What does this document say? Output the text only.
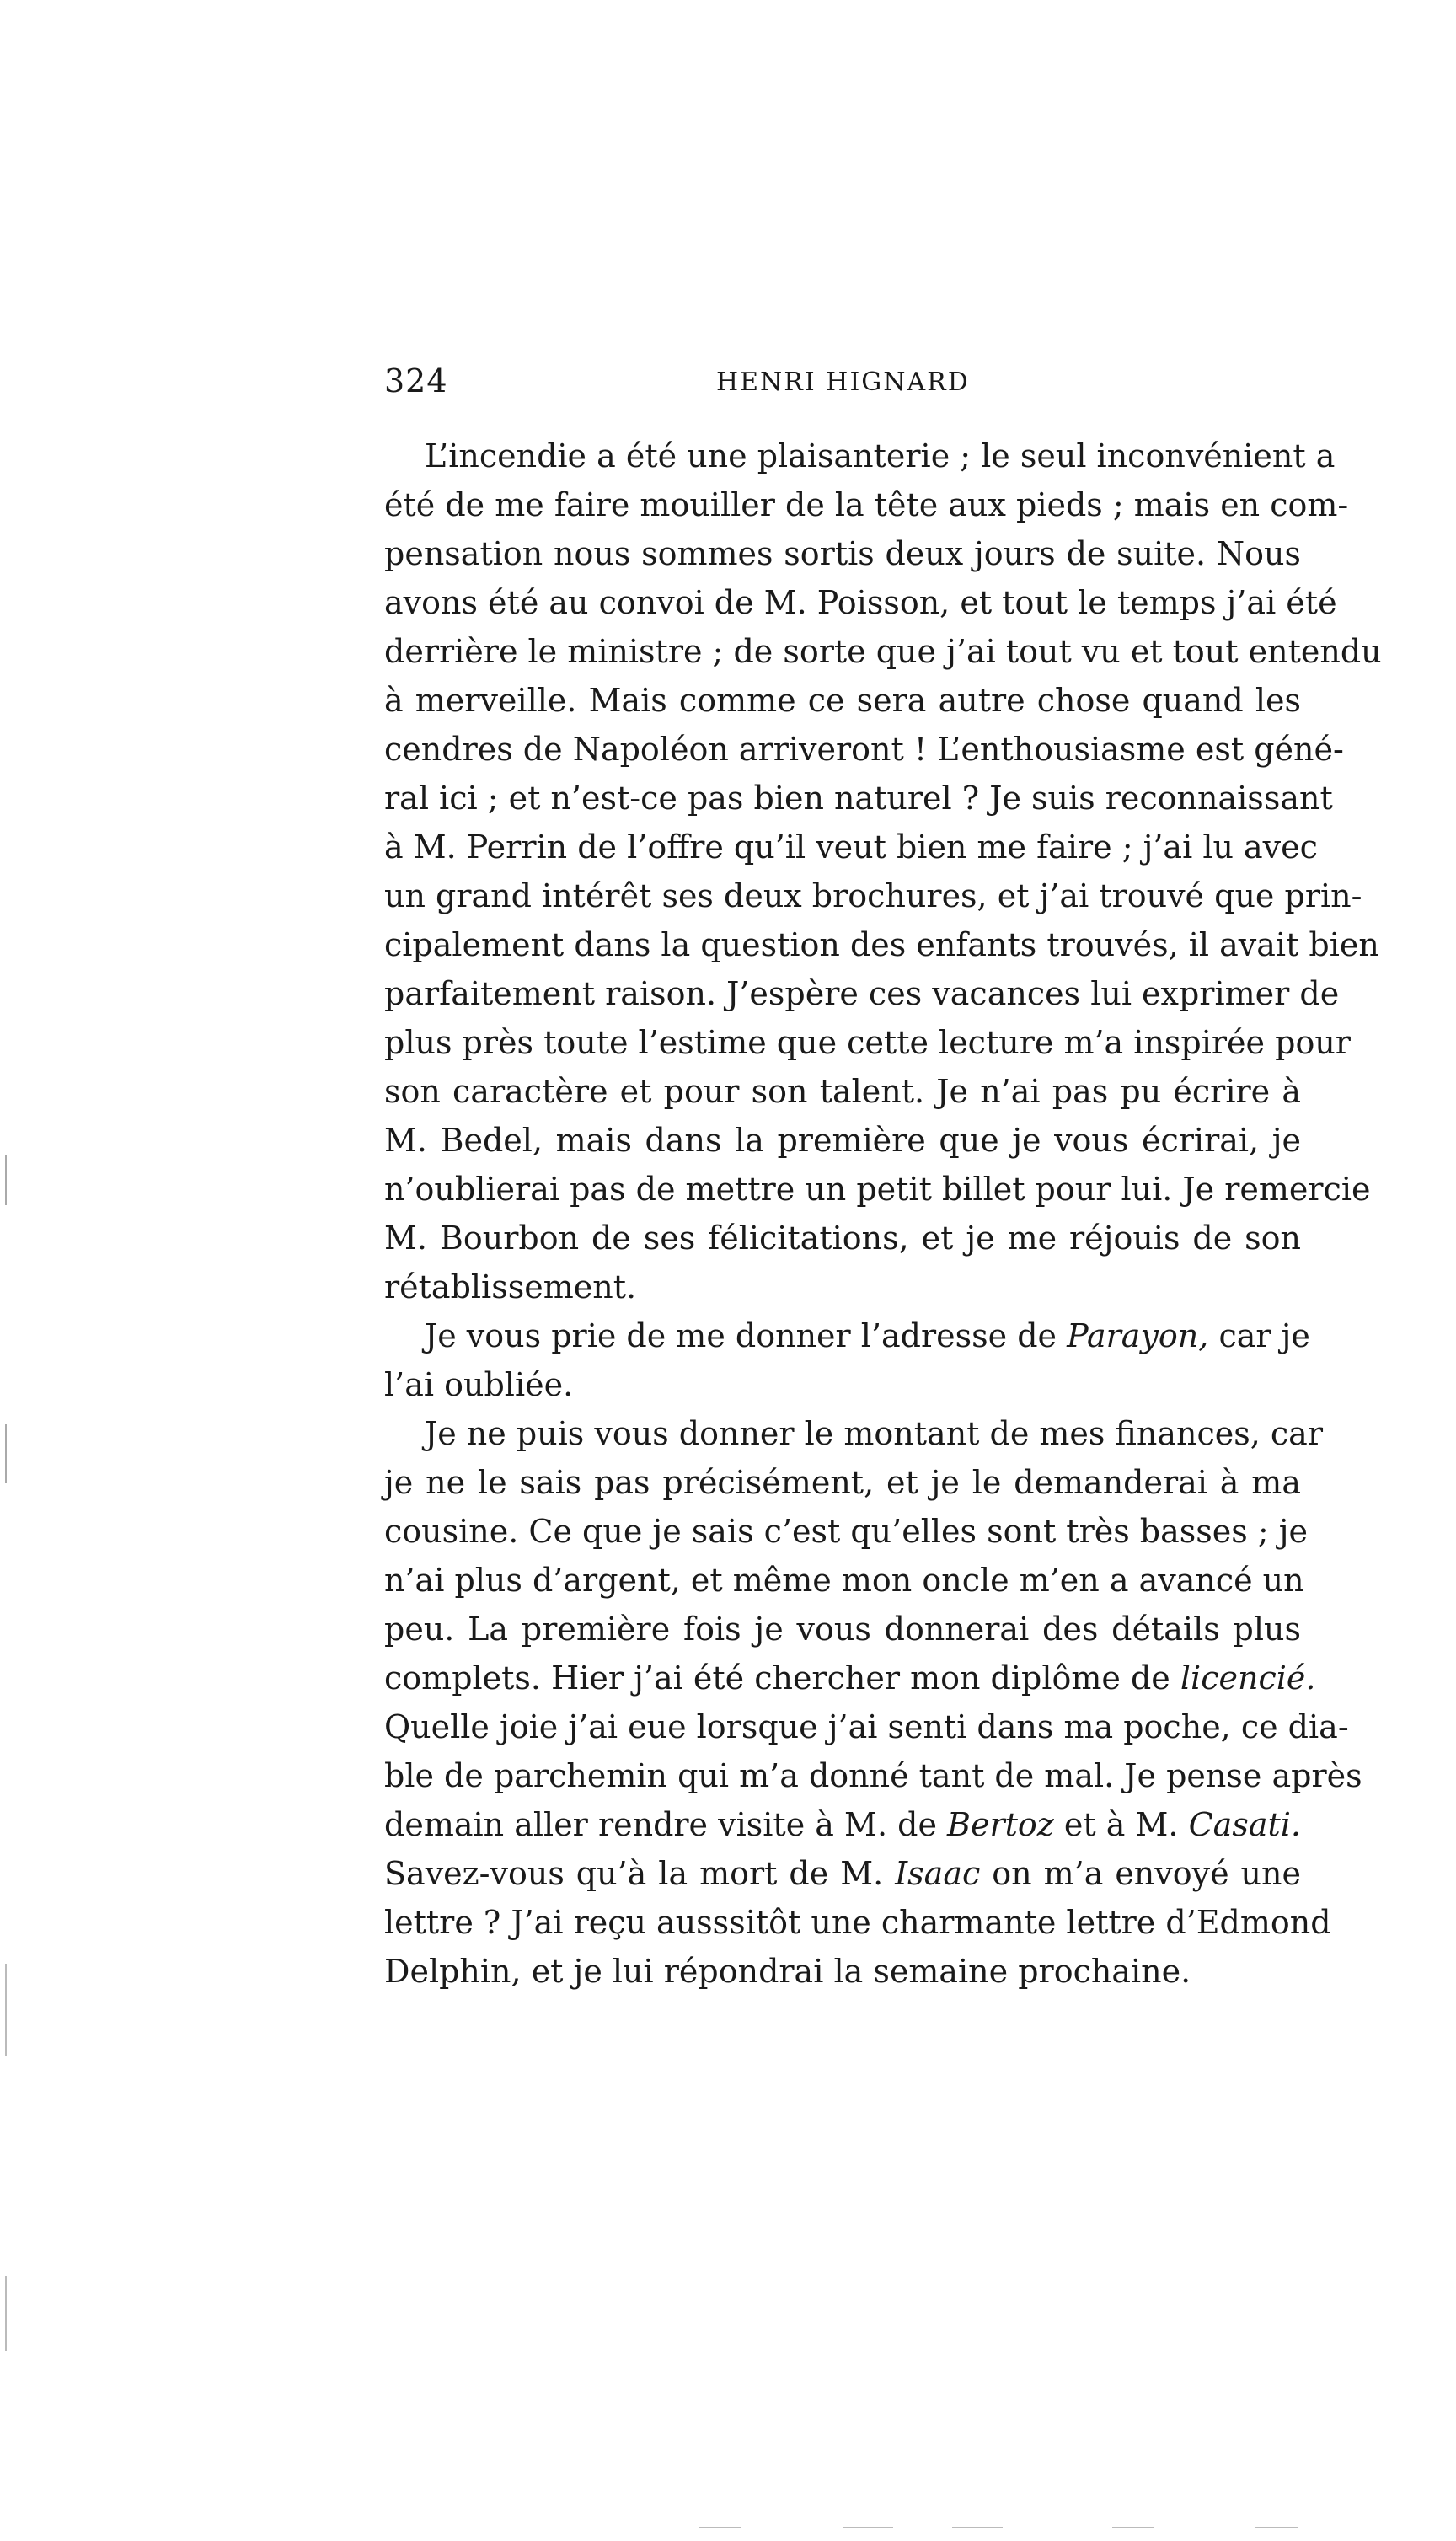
324	HENRI HIGNARD
L’incendie a été une plaisanterie ; le seul inconvénient a
été de me faire mouiller de la tête aux pieds ; mais en com-
pensation nous sommes sortis deux jours de suite. Nous
avons été au convoi de M. Poisson, et tout le temps j’ai été
derrière le ministre ; de sorte que j’ai tout vu et tout entendu
à merveille. Mais comme ce sera autre chose quand les
cendres de Napoléon arriveront ! L’enthousiasme est géné-
ral ici ; et n’est-ce pas bien naturel ? Je suis reconnaissant
à M. Perrin de l’offre qu’il veut bien me faire ; j’ai lu avec
un grand intérêt ses deux brochures, et j’ai trouvé que prin-
cipalement dans la question des enfants trouvés, il avait bien
parfaitement raison. J’espère ces vacances lui exprimer de
plus près toute l’estime que cette lecture m’a inspirée pour
son caractère et pour son talent. Je n’ai pas pu écrire à
M. Bedel, mais dans la première que je vous écrirai, je
n’oublierai pas de mettre un petit billet pour lui. Je remercie
M. Bourbon de ses félicitations, et je me réjouis de son
rétablissement.
Je vous prie de me donner l’adresse de Parayon, car je
l’ai oubliée.
Je ne puis vous donner le montant de mes finances, car
je ne le sais pas précisément, et je le demanderai à ma
cousine. Ce que je sais c’est qu’elles sont très basses ; je
n’ai plus d’argent, et même mon oncle m’en a avancé un
peu. La première fois je vous donnerai des détails plus
complets. Hier j’ai été chercher mon diplôme de licencié.
Quelle joie j’ai eue lorsque j’ai senti dans ma poche, ce dia-
ble de parchemin qui m’a donné tant de mal. Je pense après
demain aller rendre visite à M. de Bertoz et à M. Casati.
Savez-vous qu’à la mort de M. Isaac on m’a envoyé une
lettre ? J’ai reçu ausssitôt une charmante lettre d’Edmond
Delphin, et je lui répondrai la semaine prochaine.
